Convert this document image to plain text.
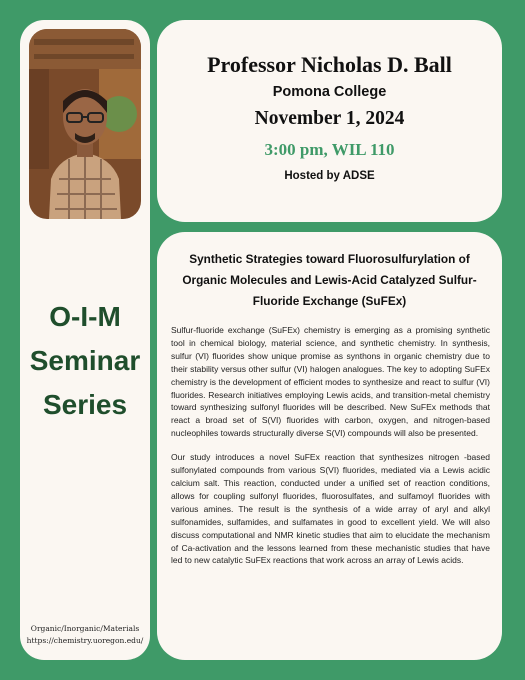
O-I-M
Seminar
Series
Organic/Inorganic/Materials
https://chemistry.uoregon.edu/
Professor Nicholas D. Ball
Pomona College
November 1, 2024
3:00 pm, WIL 110
Hosted by ADSE
Synthetic Strategies toward Fluorosulfurylation of Organic Molecules and Lewis-Acid Catalyzed Sulfur-Fluoride Exchange (SuFEx)
Sulfur-fluoride exchange (SuFEx) chemistry is emerging as a promising synthetic tool in chemical biology, material science, and synthetic chemistry. In synthesis, sulfur (VI) fluorides show unique promise as synthons in organic chemistry due to their stability versus other sulfur (VI) halogen analogues. The key to adopting SuFEx chemistry is the development of efficient modes to synthesize and react to sulfur (VI) fluorides. Research initiatives employing Lewis acids, and transition-metal chemistry toward synthesizing sulfonyl fluorides will be described. New SuFEx methods that react a broad set of S(VI) fluorides with carbon, oxygen, and nitrogen-based nucleophiles towards structurally diverse S(VI) compounds will also be presented.
Our study introduces a novel SuFEx reaction that synthesizes nitrogen -based sulfonylated compounds from various S(VI) fluorides, mediated via a Lewis acidic calcium salt. This reaction, conducted under a unified set of reaction conditions, allows for coupling sulfonyl fluorides, fluorosulfates, and sulfamoyl fluorides with various amines. The result is the synthesis of a wide array of aryl and alkyl sulfonamides, sulfamides, and sulfamates in good to excellent yield. We will also discuss computational and NMR kinetic studies that aim to elucidate the mechanism of Ca-activation and the lessons learned from these mechanistic studies that have led to new catalytic SuFEx reactions that work across an array of Lewis acids.
